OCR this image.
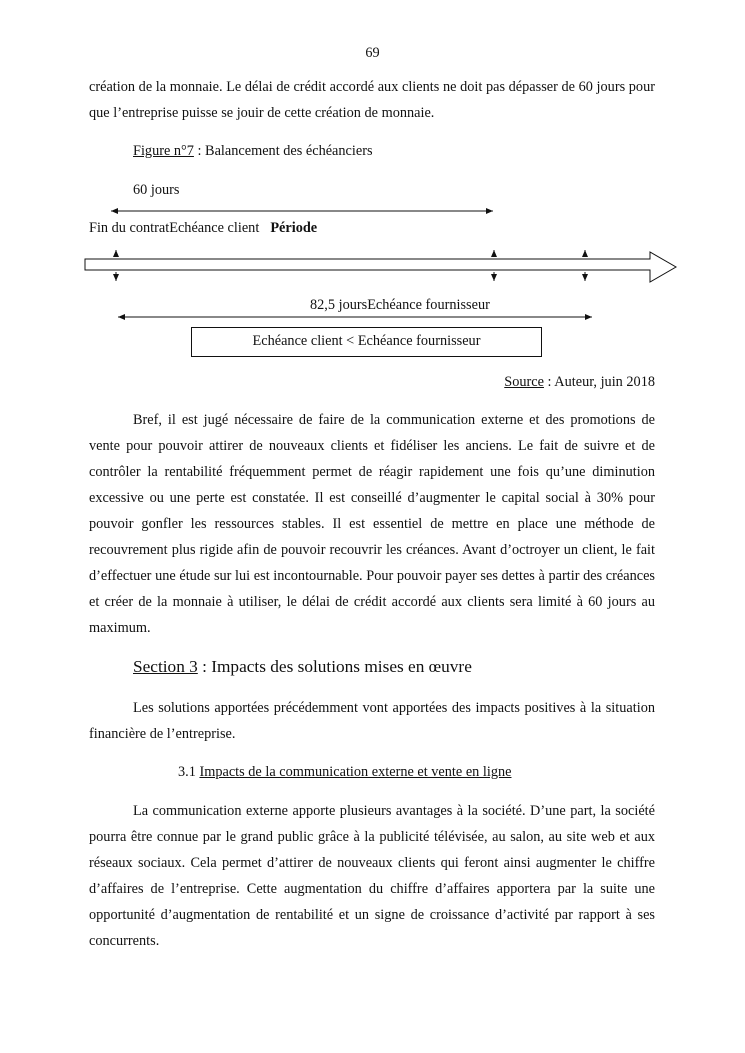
69

création de la monnaie. Le délai de crédit accordé aux clients ne doit pas dépasser de 60 jours pour que l’entreprise puisse se jouir de cette création de monnaie.

Figure n°7 : Balancement des échéanciers
60 jours
Fin du contratEchéance client Période
82,5 joursEchéance fournisseur
Echéance client < Echéance fournisseur
Source : Auteur, juin 2018

Bref, il est jugé nécessaire de faire de la communication externe et des promotions de vente pour pouvoir attirer de nouveaux clients et fidéliser les anciens. Le fait de suivre et de contrôler la rentabilité fréquemment permet de réagir rapidement une fois qu’une diminution excessive ou une perte est constatée. Il est conseillé d’augmenter le capital social à 30% pour pouvoir gonfler les ressources stables. Il est essentiel de mettre en place une méthode de recouvrement plus rigide afin de pouvoir recouvrir les créances. Avant d’octroyer un client, le fait d’effectuer une étude sur lui est incontournable. Pour pouvoir payer ses dettes à partir des créances et créer de la monnaie à utiliser, le délai de crédit accordé aux clients sera limité à 60 jours au maximum.

Section 3 : Impacts des solutions mises en œuvre

Les solutions apportées précédemment vont apportées des impacts positives à la situation financière de l’entreprise.

3.1 Impacts de la communication externe et vente en ligne

La communication externe apporte plusieurs avantages à la société. D’une part, la société pourra être connue par le grand public grâce à la publicité télévisée, au salon, au site web et aux réseaux sociaux. Cela permet d’attirer de nouveaux clients qui feront ainsi augmenter le chiffre d’affaires de l’entreprise. Cette augmentation du chiffre d’affaires apportera par la suite une opportunité d’augmentation de rentabilité et un signe de croissance d’activité par rapport à ses concurrents.
